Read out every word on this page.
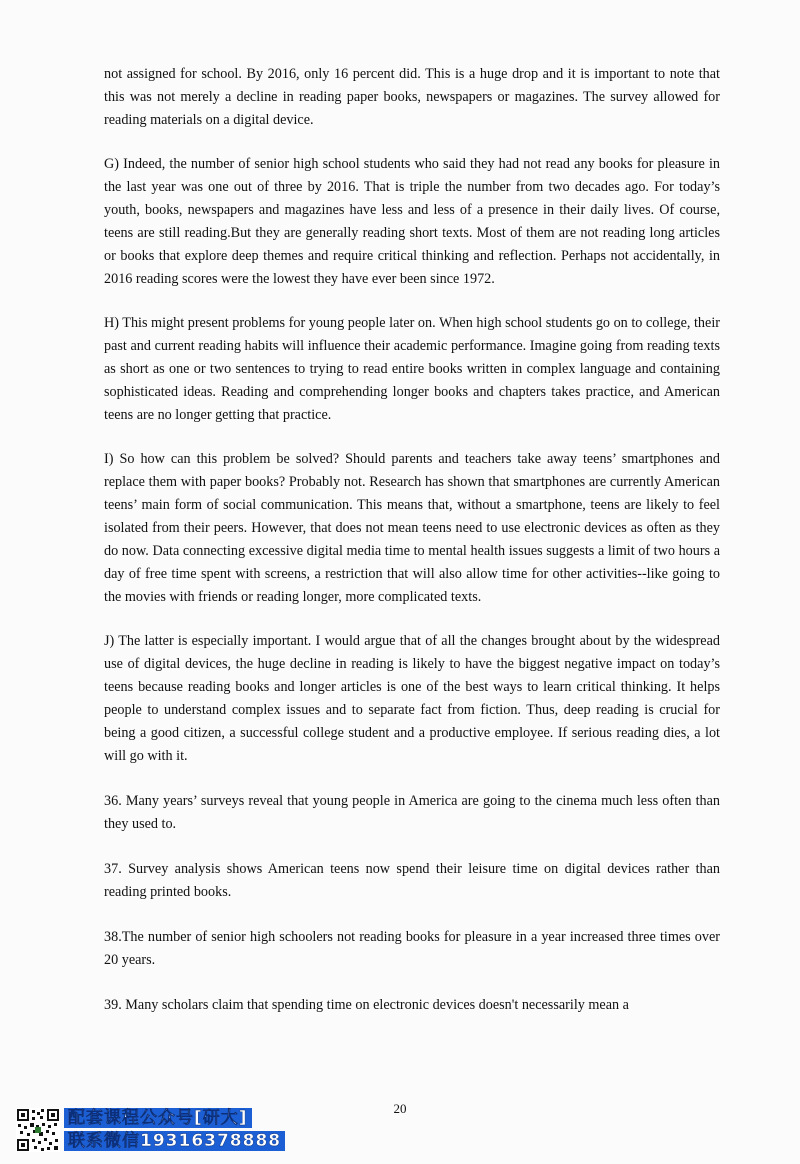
not assigned for school. By 2016, only 16 percent did. This is a huge drop and it is important to note that this was not merely a decline in reading paper books, newspapers or magazines. The survey allowed for reading materials on a digital device.

G) Indeed, the number of senior high school students who said they had not read any books for pleasure in the last year was one out of three by 2016. That is triple the number from two decades ago. For today’s youth, books, newspapers and magazines have less and less of a presence in their daily lives. Of course, teens are still reading.But they are generally reading short texts. Most of them are not reading long articles or books that explore deep themes and require critical thinking and reflection. Perhaps not accidentally, in 2016 reading scores were the lowest they have ever been since 1972.

H) This might present problems for young people later on. When high school students go on to college, their past and current reading habits will influence their academic performance. Imagine going from reading texts as short as one or two sentences to trying to read entire books written in complex language and containing sophisticated ideas. Reading and comprehending longer books and chapters takes practice, and American teens are no longer getting that practice.

I) So how can this problem be solved? Should parents and teachers take away teens’ smartphones and replace them with paper books? Probably not. Research has shown that smartphones are currently American teens’ main form of social communication. This means that, without a smartphone, teens are likely to feel isolated from their peers. However, that does not mean teens need to use electronic devices as often as they do now. Data connecting excessive digital media time to mental health issues suggests a limit of two hours a day of free time spent with screens, a restriction that will also allow time for other activities--like going to the movies with friends or reading longer, more complicated texts.

J) The latter is especially important. I would argue that of all the changes brought about by the widespread use of digital devices, the huge decline in reading is likely to have the biggest negative impact on today’s teens because reading books and longer articles is one of the best ways to learn critical thinking. It helps people to understand complex issues and to separate fact from fiction. Thus, deep reading is crucial for being a good citizen, a successful college student and a productive employee. If serious reading dies, a lot will go with it.

36. Many years’ surveys reveal that young people in America are going to the cinema much less often than they used to.

37. Survey analysis shows American teens now spend their leisure time on digital devices rather than reading printed books.

38.The number of senior high schoolers not reading books for pleasure in a year increased three times over 20 years.

39. Many scholars claim that spending time on electronic devices doesn't necessarily mean a

20
配套课程公众号[研大]
联系微信19316378888
